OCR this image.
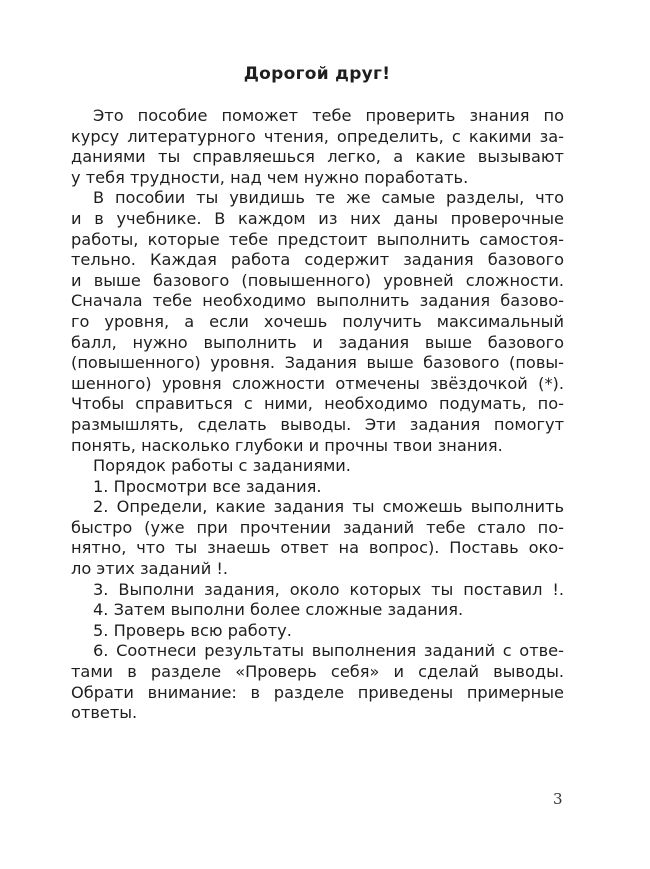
Дорогой друг!
Это пособие поможет тебе проверить знания по
курсу литературного чтения, определить, с какими за-
даниями ты справляешься легко, а какие вызывают
у тебя трудности, над чем нужно поработать.
В пособии ты увидишь те же самые разделы, что
и в учебнике. В каждом из них даны проверочные
работы, которые тебе предстоит выполнить самостоя-
тельно. Каждая работа содержит задания базового
и выше базового (повышенного) уровней сложности.
Сначала тебе необходимо выполнить задания базово-
го уровня, а если хочешь получить максимальный
балл, нужно выполнить и задания выше базового
(повышенного) уровня. Задания выше базового (повы-
шенного) уровня сложности отмечены звёздочкой (*).
Чтобы справиться с ними, необходимо подумать, по-
размышлять, сделать выводы. Эти задания помогут
понять, насколько глубоки и прочны твои знания.
Порядок работы с заданиями.
1. Просмотри все задания.
2. Определи, какие задания ты сможешь выполнить
быстро (уже при прочтении заданий тебе стало по-
нятно, что ты знаешь ответ на вопрос). Поставь око-
ло этих заданий !.
3. Выполни задания, около которых ты поставил !.
4. Затем выполни более сложные задания.
5. Проверь всю работу.
6. Соотнеси результаты выполнения заданий с отве-
тами в разделе «Проверь себя» и сделай выводы.
Обрати внимание: в разделе приведены примерные
ответы.
3
